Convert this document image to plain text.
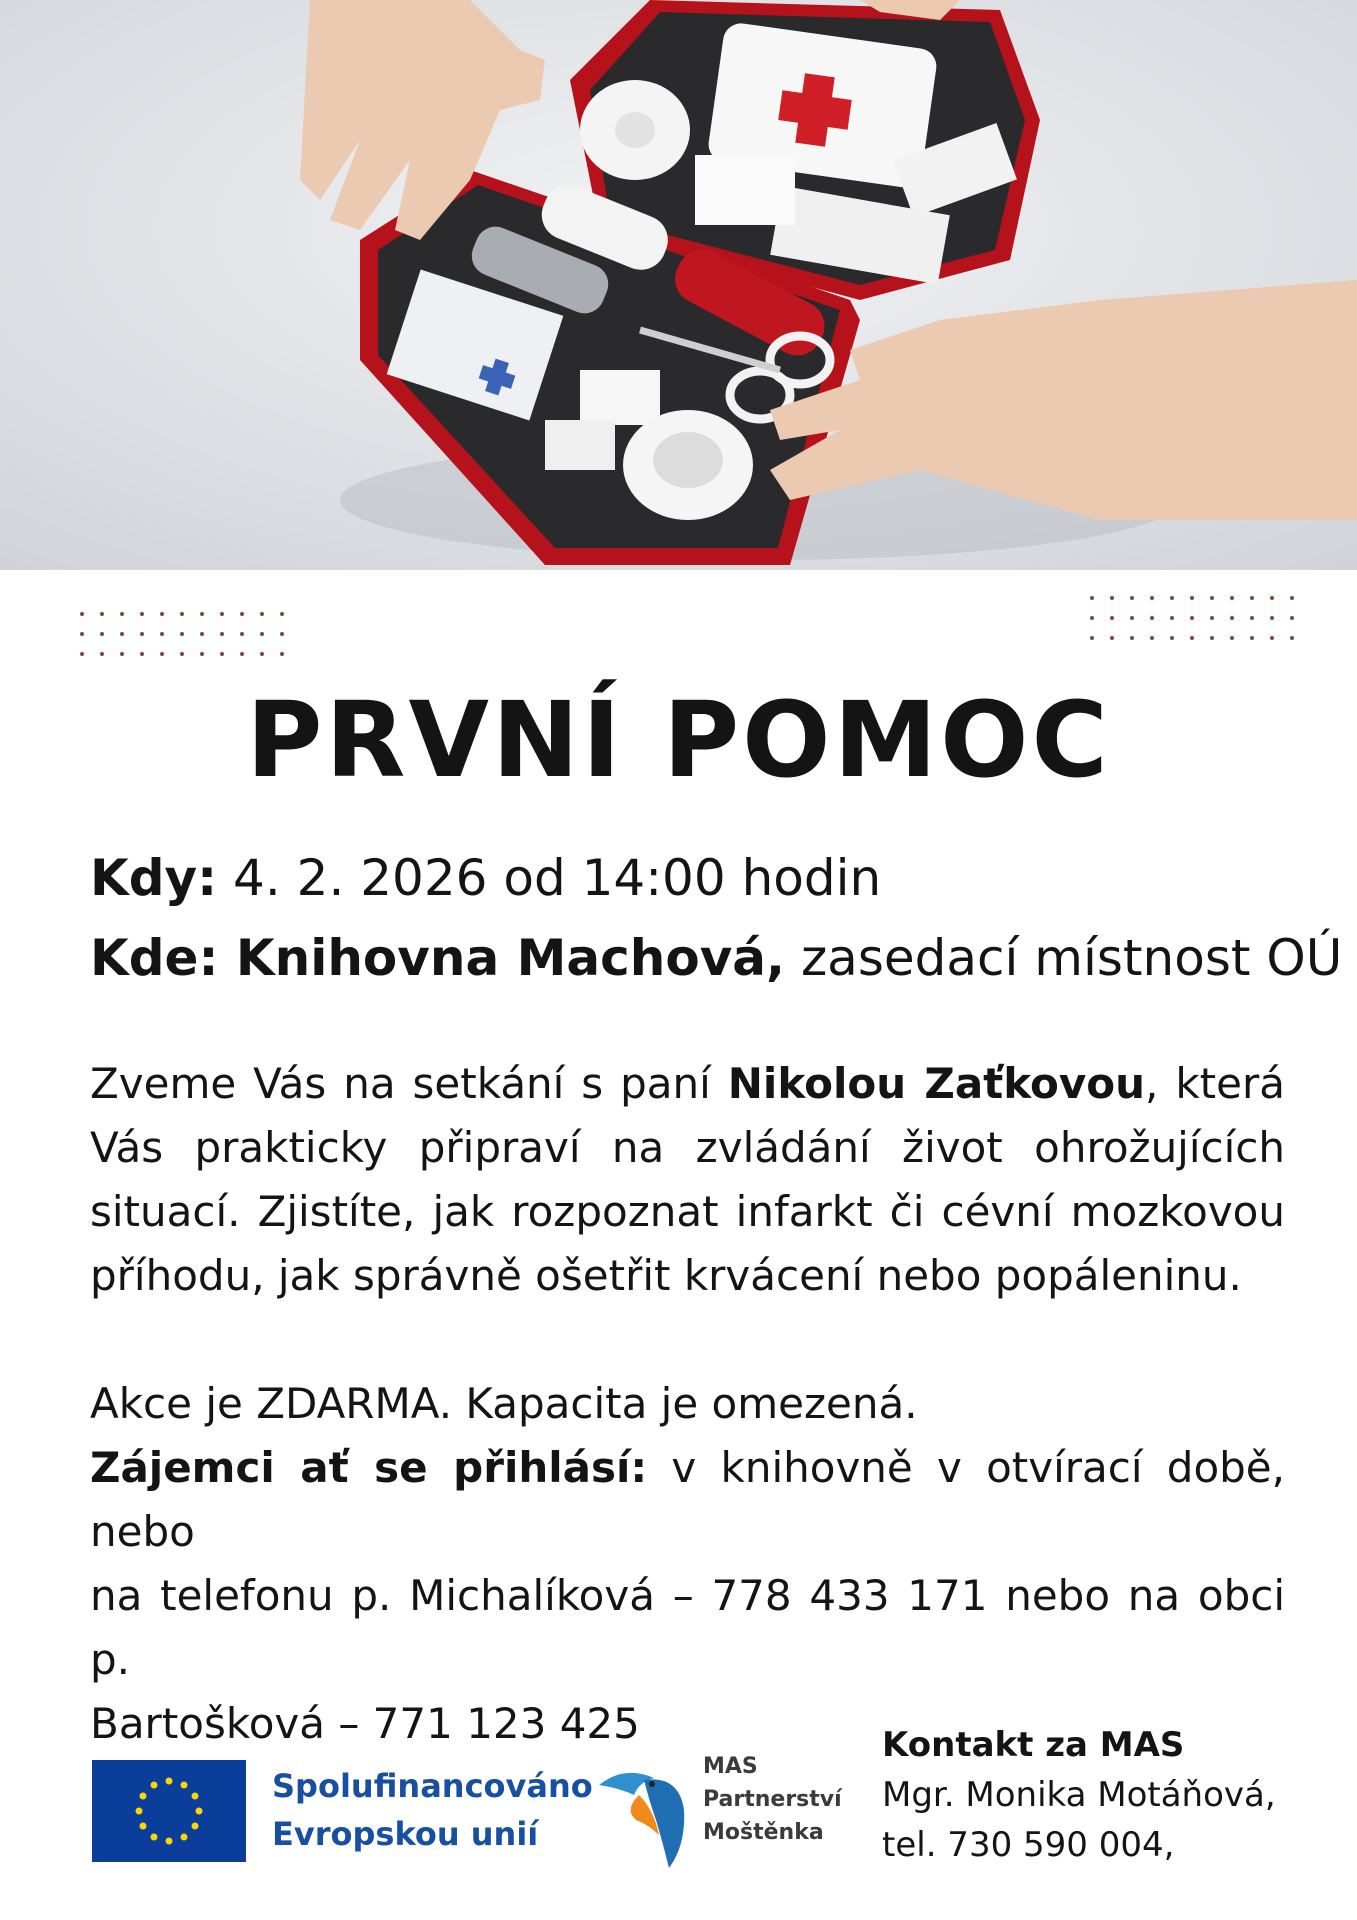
PRVNÍ POMOC
Kdy: 4. 2. 2026 od 14:00 hodin
Kde: Knihovna Machová, zasedací místnost OÚ
Zveme Vás na setkání s paní Nikolou Zaťkovou, která
Vás prakticky připraví na zvládání život ohrožujících
situací. Zjistíte, jak rozpoznat infarkt či cévní mozkovou
příhodu, jak správně ošetřit krvácení nebo popáleninu.
Akce je ZDARMA. Kapacita je omezená.
Zájemci ať se přihlásí: v knihovně v otvírací době, nebo
na telefonu p. Michalíková – 778 433 171 nebo na obci p.
Bartošková – 771 123 425
Spolufinancováno
Evropskou unií
MAS
Partnerství
Moštěnka
Kontakt za MAS
Mgr. Monika Motáňová,
tel. 730 590 004,
